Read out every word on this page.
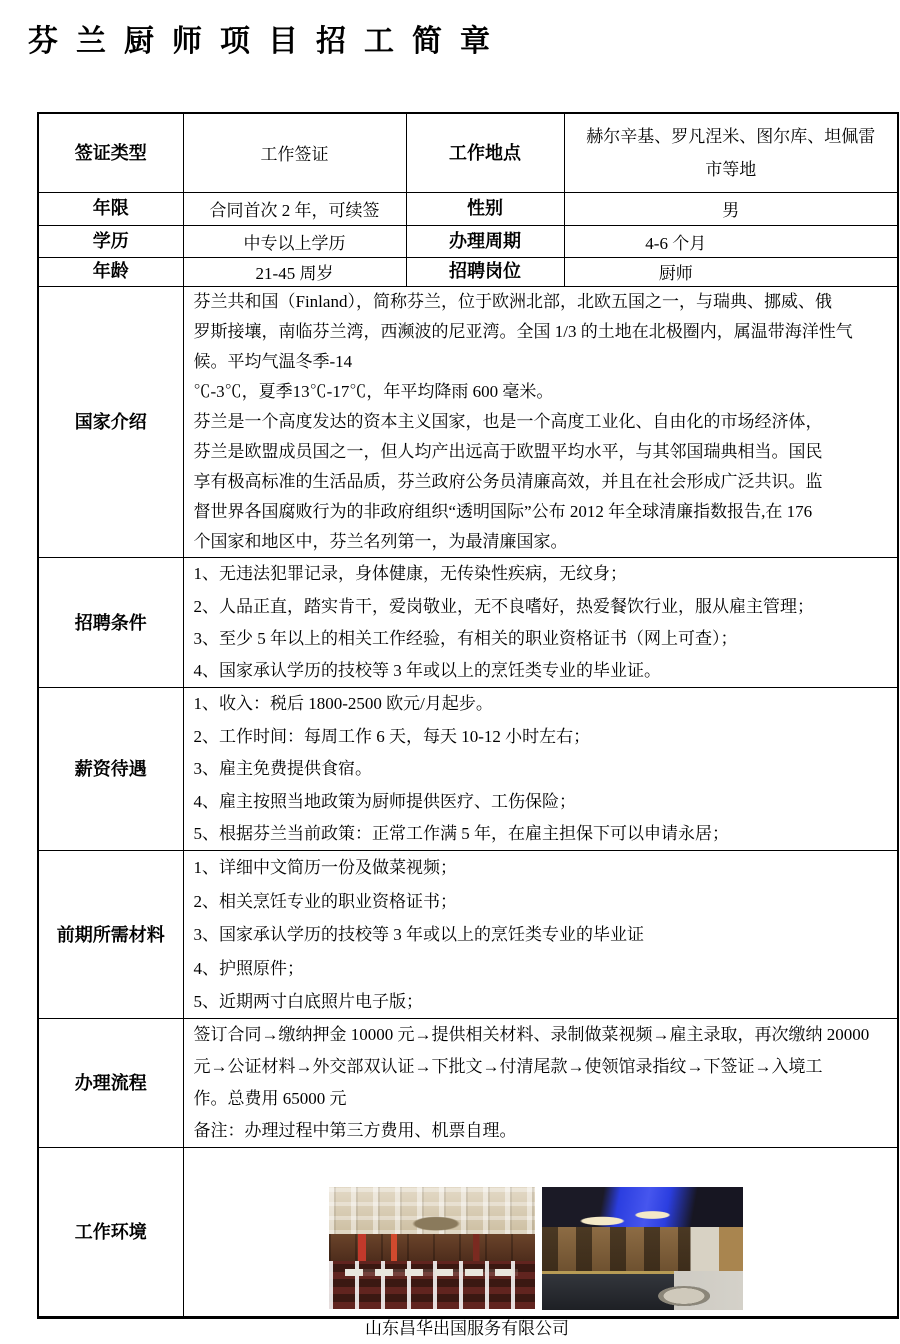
芬兰厨师项目招工简章
签证类型	工作签证	工作地点	赫尔辛基、罗凡涅米、图尔库、坦佩雷
市等地

年限	合同首次 2 年，可续签	性别	男
学历	中专以上学历	办理周期	4-6 个月
年龄	21-45 周岁	招聘岗位	厨师
国家介绍	
芬兰共和国（Finland），简称芬兰，位于欧洲北部，北欧五国之一，与瑞典、挪威、俄
罗斯接壤，南临芬兰湾，西濒波的尼亚湾。全国 1/3 的土地在北极圈内，属温带海洋性气
候。平均气温冬季-14
℃-3℃，夏季13℃-17℃，年平均降雨 600 毫米。
芬兰是一个高度发达的资本主义国家，也是一个高度工业化、自由化的市场经济体，
芬兰是欧盟成员国之一，但人均产出远高于欧盟平均水平，与其邻国瑞典相当。国民
享有极高标准的生活品质，芬兰政府公务员清廉高效，并且在社会形成广泛共识。监
督世界各国腐败行为的非政府组织“透明国际”公布 2012 年全球清廉指数报告,在 176
个国家和地区中，芬兰名列第一，为最清廉国家。

招聘条件	1、无违法犯罪记录，身体健康，无传染性疾病，无纹身；
2、人品正直，踏实肯干，爱岗敬业，无不良嗜好，热爱餐饮行业，服从雇主管理；
3、至少 5 年以上的相关工作经验，有相关的职业资格证书（网上可查）；
4、国家承认学历的技校等 3 年或以上的烹饪类专业的毕业证。		

薪资待遇	1、收入：税后 1800-2500 欧元/月起步。
2、工作时间：每周工作 6 天，每天 10-12 小时左右；
3、雇主免费提供食宿。
4、雇主按照当地政策为厨师提供医疗、工伤保险；
5、根据芬兰当前政策：正常工作满 5 年，在雇主担保下可以申请永居；		

前期所需材料	1、详细中文简历一份及做菜视频；
2、相关烹饪专业的职业资格证书；
3、国家承认学历的技校等 3 年或以上的烹饪类专业的毕业证
4、护照原件；
5、近期两寸白底照片电子版；		

办理流程	签订合同→缴纳押金 10000 元→提供相关材料、录制做菜视频→雇主录取，再次缴纳 20000
元→公证材料→外交部双认证→下批文→付清尾款→使领馆录指纹→下签证→入境工
作。总费用 65000 元
备注：办理过程中第三方费用、机票自理。		

工作环境			
山东昌华出国服务有限公司
